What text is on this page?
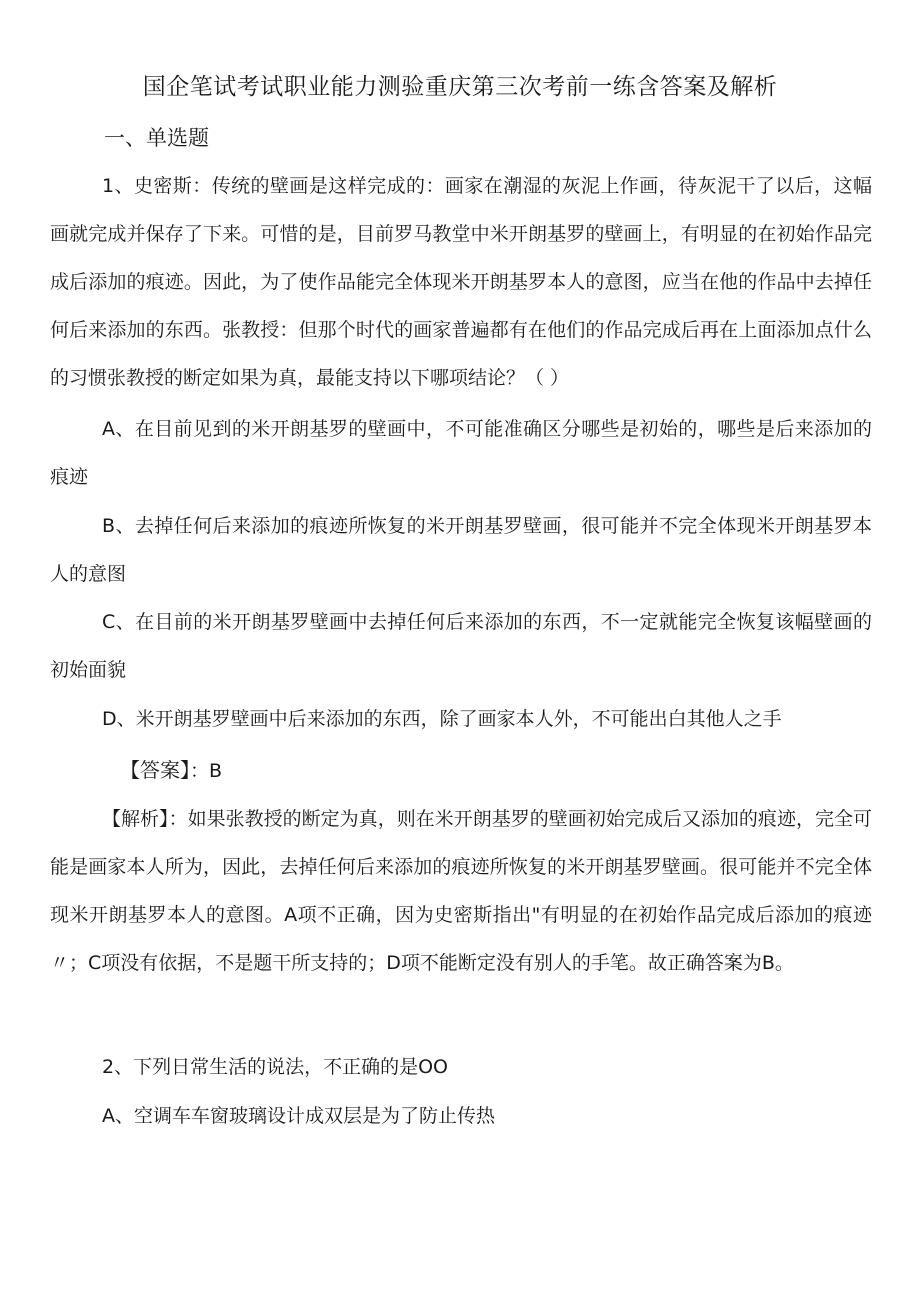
国企笔试考试职业能力测验重庆第三次考前一练含答案及解析
一、单选题

1、史密斯：传统的壁画是这样完成的：画家在潮湿的灰泥上作画，待灰泥干了以后，这幅画就完成并保存了下来。可惜的是，目前罗马教堂中米开朗基罗的壁画上，有明显的在初始作品完成后添加的痕迹。因此，为了使作品能完全体现米开朗基罗本人的意图，应当在他的作品中去掉任何后来添加的东西。张教授：但那个时代的画家普遍都有在他们的作品完成后再在上面添加点什么的习惯张教授的断定如果为真，最能支持以下哪项结论？（ ）

A、在目前见到的米开朗基罗的壁画中，不可能准确区分哪些是初始的，哪些是后来添加的痕迹

B、去掉任何后来添加的痕迹所恢复的米开朗基罗壁画，很可能并不完全体现米开朗基罗本人的意图

C、在目前的米开朗基罗壁画中去掉任何后来添加的东西，不一定就能完全恢复该幅壁画的初始面貌

D、米开朗基罗壁画中后来添加的东西，除了画家本人外，不可能出白其他人之手

【答案】：B

【解析】：如果张教授的断定为真，则在米开朗基罗的壁画初始完成后又添加的痕迹，完全可能是画家本人所为，因此，去掉任何后来添加的痕迹所恢复的米开朗基罗壁画。很可能并不完全体现米开朗基罗本人的意图。A项不正确，因为史密斯指出"有明显的在初始作品完成后添加的痕迹〃；C项没有依据，不是题干所支持的；D项不能断定没有别人的手笔。故正确答案为B。

2、下列日常生活的说法，不正确的是OO

A、空调车车窗玻璃设计成双层是为了防止传热
